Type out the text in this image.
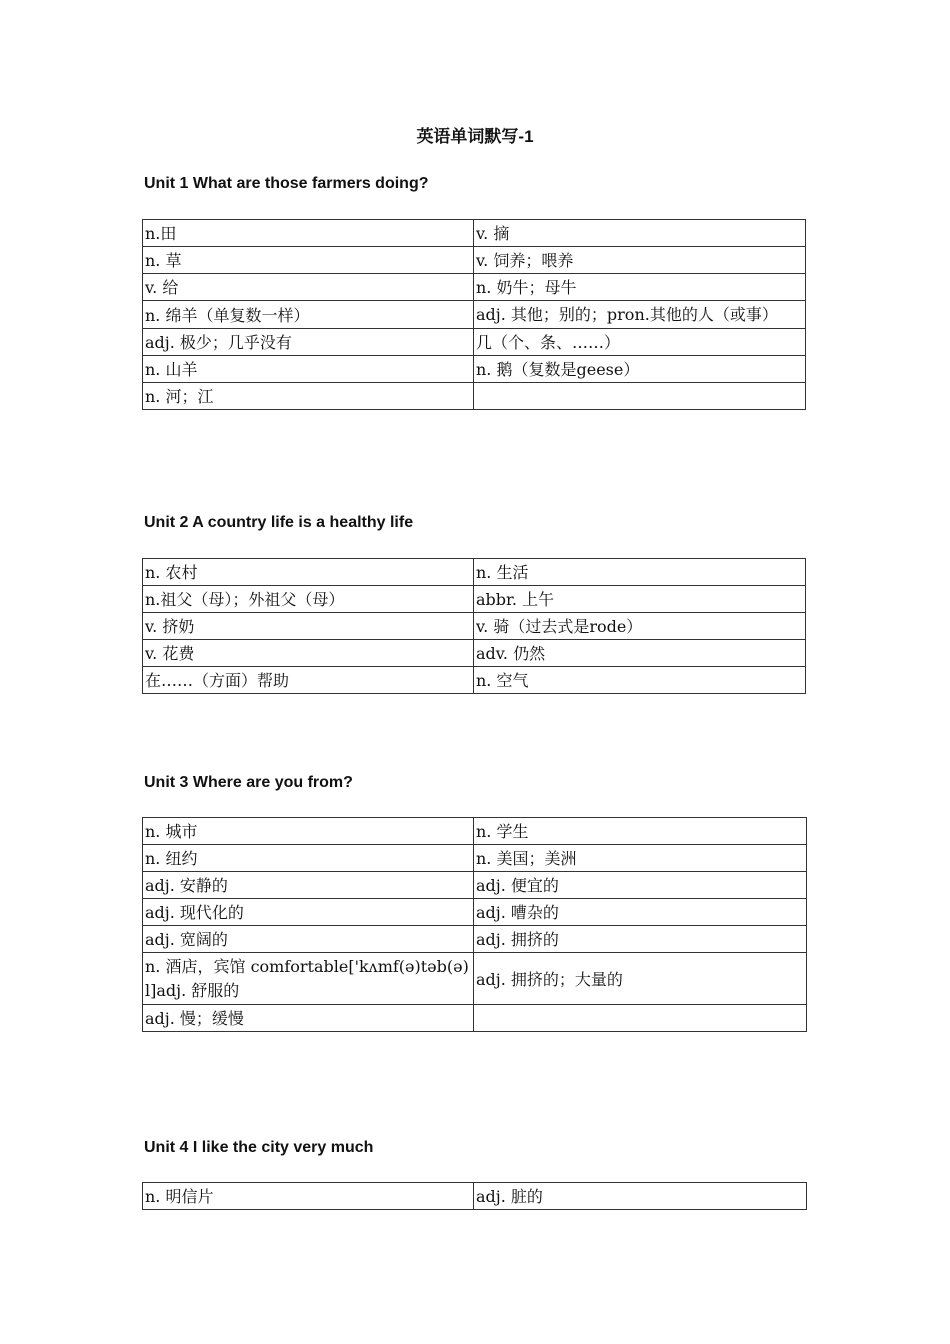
英语单词默写-1
Unit 1 What are those farmers doing?
n.田	v. 摘
n. 草	v. 饲养；喂养
v. 给	n. 奶牛；母牛
n. 绵羊（单复数一样）	adj. 其他；别的；pron.其他的人（或事）
adj. 极少；几乎没有	几（个、条、……）
n. 山羊	n. 鹅（复数是geese）
n. 河；江	
Unit 2 A country life is a healthy life
n. 农村	n. 生活
n.祖父（母）；外祖父（母）	abbr. 上午
v. 挤奶	v. 骑（过去式是rode）
v. 花费	adv. 仍然
在……（方面）帮助	n. 空气
Unit 3 Where are you from?
n. 城市	n. 学生
n. 纽约	n. 美国；美洲
adj. 安静的	adj. 便宜的
adj. 现代化的	adj. 嘈杂的
adj. 宽阔的	adj. 拥挤的
n. 酒店，宾馆 comfortable['kʌmf(ə)təb(ə)l]adj. 舒服的	adj. 拥挤的；大量的
adj. 慢；缓慢	
Unit 4 I like the city very much
n. 明信片	adj. 脏的
